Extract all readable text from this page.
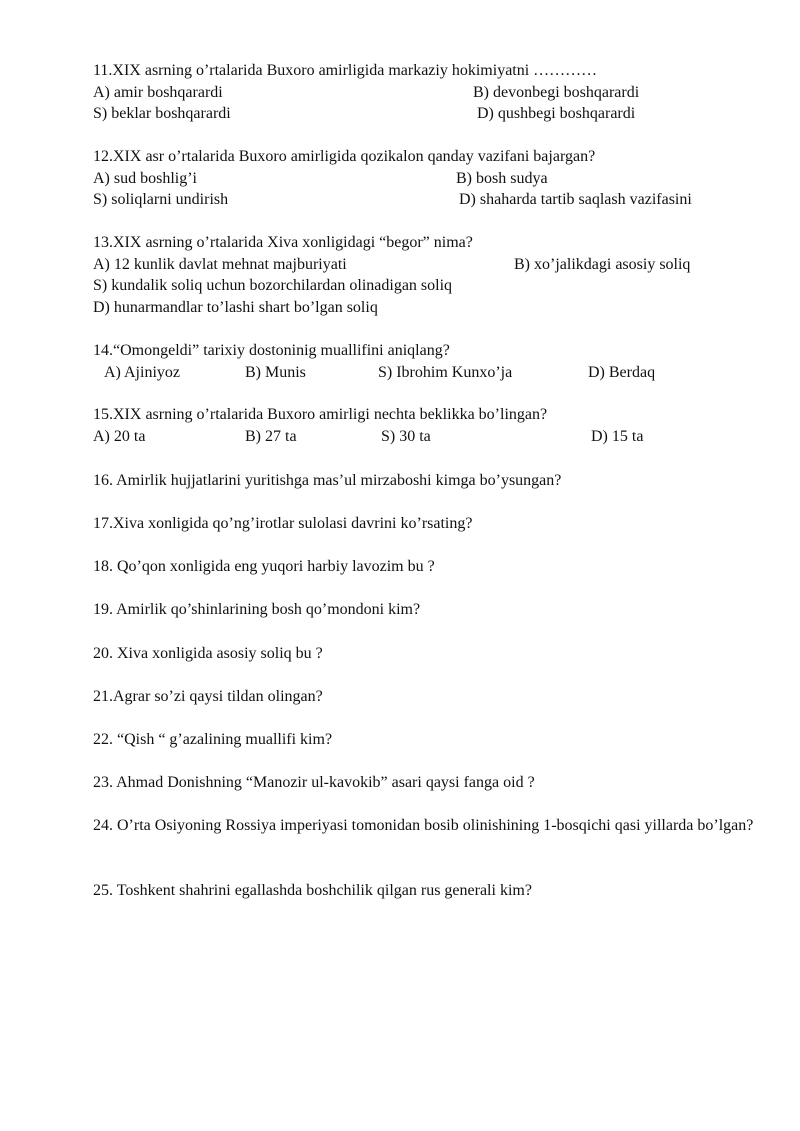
11.XIX asrning o’rtalarida Buxoro amirligida markaziy hokimiyatni …………
A) amir boshqarardi	B) devonbegi boshqarardi
S) beklar boshqarardi	D) qushbegi boshqarardi
12.XIX asr o’rtalarida Buxoro amirligida qozikalon qanday vazifani bajargan?
A) sud boshlig’i	B) bosh sudya
S) soliqlarni undirish	D) shaharda tartib saqlash vazifasini
13.XIX asrning o’rtalarida Xiva xonligidagi “begor” nima?
A) 12 kunlik davlat mehnat majburiyati	B) xo’jalikdagi asosiy soliq
S) kundalik soliq uchun bozorchilardan olinadigan soliq
D) hunarmandlar to’lashi shart bo’lgan soliq
14.“Omongeldi” tarixiy dostoninig muallifini aniqlang?
A) Ajiniyoz	B) Munis	S) Ibrohim Kunxo’ja	D) Berdaq
15.XIX asrning o’rtalarida Buxoro amirligi nechta beklikka bo’lingan?
A) 20 ta	B) 27 ta	S) 30 ta	D) 15 ta
16. Amirlik hujjatlarini yuritishga mas’ul mirzaboshi kimga bo’ysungan?
17.Xiva xonligida qo’ng’irotlar sulolasi davrini ko’rsating?
18. Qo’qon xonligida eng yuqori harbiy lavozim bu ?
19. Amirlik qo’shinlarining bosh qo’mondoni kim?
20. Xiva xonligida asosiy soliq bu ?
21.Agrar so’zi qaysi tildan olingan?
22. “Qish “ g’azalining muallifi kim?
23. Ahmad Donishning “Manozir ul-kavokib” asari qaysi fanga oid ?
24. O’rta Osiyoning Rossiya imperiyasi tomonidan bosib olinishining 1-bosqichi qasi yillarda bo’lgan?
25. Toshkent shahrini egallashda boshchilik qilgan rus generali kim?
